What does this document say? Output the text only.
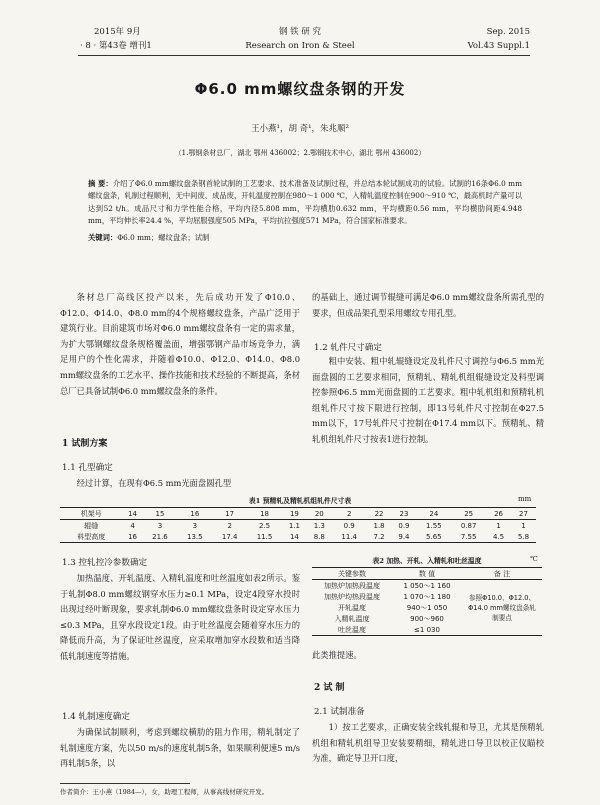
2015年 9月
· 8 · 第43卷 增刊1
钢 铁 研 究
Research on Iron & Steel
Sep. 2015
Vol.43 Suppl.1
Φ6.0 mm螺纹盘条钢的开发
王小燕¹，胡 奇¹，朱兆顺²
（1.鄂钢条材总厂，湖北 鄂州 436002；2.鄂钢技术中心，湖北 鄂州 436002）
摘 要：介绍了Φ6.0 mm螺纹盘条钢首轮试制的工艺要求、技术准备及试制过程，并总结本轮试制成功的试验。试制的16条Φ6.0 mm螺纹盘条，轧制过程顺利，无中间废、成品废，开轧温度控制在980～1 000 ℃，入精轧温度控制在900～910 ℃，最高机时产量可以达到52 t/h。成品尺寸和力学性能合格，平均内径5.808 mm，平均横肋0.632 mm，平均横距0.56 mm，平均横肋间距4.948 mm，平均伸长率24.4 %，平均屈服强度505 MPa，平均抗拉强度571 MPa，符合国家标准要求。
关键词：Φ6.0 mm；螺纹盘条；试制
条材总厂高线区投产以来，先后成功开发了Φ10.0、Φ12.0、Φ14.0、Φ8.0 mm的4个规格螺纹盘条，产品广泛用于建筑行业。目前建筑市场对Φ6.0 mm螺纹盘条有一定的需求量，为扩大鄂钢螺纹盘条规格覆盖面，增强鄂钢产品市场竞争力，满足用户的个性化需求，并随着Φ10.0、Φ12.0、Φ14.0、Φ8.0 mm螺纹盘条的工艺水平、操作技能和技术经验的不断提高，条材总厂已具备试制Φ6.0 mm螺纹盘条的条件。
1 试制方案
1.1 孔型确定
经过计算，在现有Φ6.5 mm光面盘圆孔型
的基础上，通过调节辊缝可满足Φ6.0 mm螺纹盘条所需孔型的要求，但成品架孔型采用螺纹专用孔型。
1.2 轧件尺寸确定
粗中安装、粗中轧辊缝设定及轧件尺寸调控与Φ6.5 mm光面盘圆的工艺要求相同，预精轧、精轧机组辊缝设定及料型调控参照Φ6.5 mm光面盘圆的工艺要求。粗中轧机组和预精轧机组轧件尺寸按下限进行控制，即13号轧件尺寸控制在Φ27.5 mm以下，17号轧件尺寸控制在Φ17.4 mm以下。预精轧、精轧机组轧件尺寸按表1进行控制。
表1 预精轧及精轧机组轧件尺寸表	mm
机架号	14	15	16	17	18	19	20	2	22	23	24	25	26	27
辊缝	4	3	3	2	2.5	1.1	1.3	0.9	1.8	0.9	1.55	0.87	1	1
料型高度	16	21.6	13.5	17.4	11.5	14	8.8	11.4	7.2	9.4	5.65	7.55	4.5	5.8
1.3 控轧控冷参数确定
加热温度、开轧温度、入精轧温度和吐丝温度如表2所示。鉴于轧制Φ8.0 mm螺纹钢穿水压力≥0.1 MPa，设定4段穿水投时出现过经叶断现象，要求轧制Φ6.0 mm螺纹盘条时设定穿水压力≤0.3 MPa，且穿水段设定1段。由于吐丝温度会随着穿水压力的降低而升高，为了保证吐丝温度，应采取增加穿水段数和适当降低轧制速度等措施。
1.4 轧制速度确定
为确保试制顺利，考虑到螺纹横肋的阻力作用，精轧制定了轧制速度方案，先以50 m/s的速度轧制5条，如果顺利便速5 m/s再轧制5条，以
作者简介：王小燕（1984—），女，助理工程师，从事高线材研究开发。
表2 加热、开轧、入精轧和吐丝温度	℃
关键参数	数 值	备 注
加热炉加热段温度	1 050～1 160	参照Φ10.0、Φ12.0、Φ14.0 mm螺纹盘条轧制要点
加热炉均热段温度	1 070～1 180	
开轧温度	940～1 050	
入精轧温度	900～960	
吐丝温度	≤1 030	
此类推提速。
2 试 制
2.1 试制准备
1）按工艺要求，正确安装全线轧辊和导卫，尤其是预精轧机组和精轧机组导卫安装要精细，精轧进口导卫以校正仪瞄校为准，确定导卫开口度，
